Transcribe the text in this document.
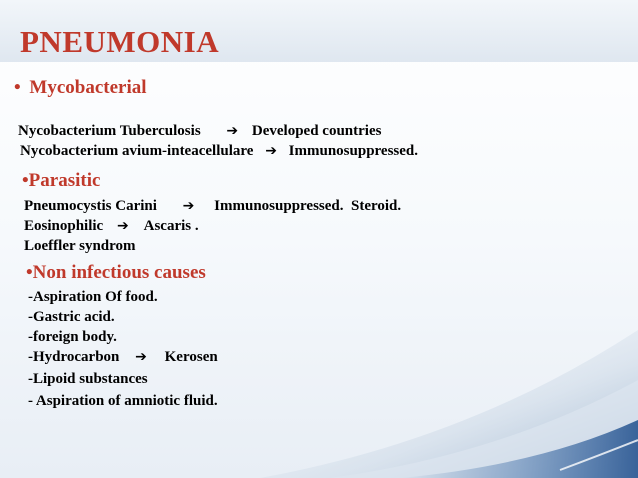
PNEUMONIA
• Mycobacterial
Nycobacterium Tuberculosis ➔ Developed countries
Nycobacterium avium-inteacellulare ➔ Immunosuppressed.
•Parasitic
Pneumocystis Carini ➔ Immunosuppressed.  Steroid.
Eosinophilic ➔ Ascaris .
Loeffler syndrom
•Non infectious causes
-Aspiration Of food.
-Gastric acid.
-foreign body.
-Hydrocarbon ➔ Kerosen
-Lipoid substances
- Aspiration of amniotic fluid.
